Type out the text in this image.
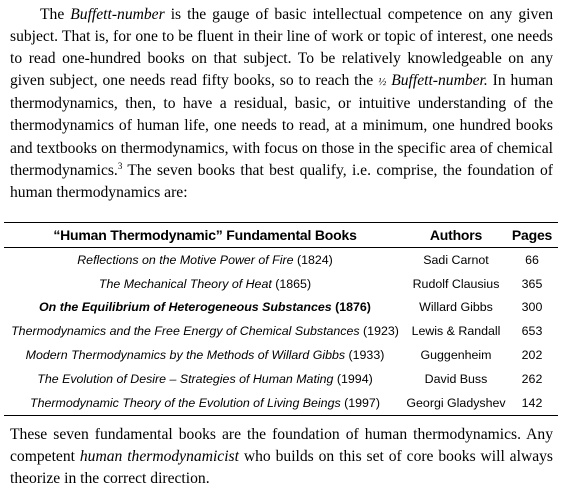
The Buffett-number is the gauge of basic intellectual competence on any given subject. That is, for one to be fluent in their line of work or topic of interest, one needs to read one-hundred books on that subject. To be relatively knowledgeable on any given subject, one needs read fifty books, so to reach the ½ Buffett-number. In human thermodynamics, then, to have a residual, basic, or intuitive understanding of the thermodynamics of human life, one needs to read, at a minimum, one hundred books and textbooks on thermodynamics, with focus on those in the specific area of chemical thermodynamics.$^3$ The seven books that best qualify, i.e. comprise, the foundation of human thermodynamics are:

“Human Thermodynamic” Fundamental Books	Authors	Pages
Reflections on the Motive Power of Fire (1824)	Sadi Carnot	66
The Mechanical Theory of Heat (1865)	Rudolf Clausius	365
On the Equilibrium of Heterogeneous Substances (1876)	Willard Gibbs	300
Thermodynamics and the Free Energy of Chemical Substances (1923)	Lewis & Randall	653
Modern Thermodynamics by the Methods of Willard Gibbs (1933)	Guggenheim	202
The Evolution of Desire – Strategies of Human Mating (1994)	David Buss	262
Thermodynamic Theory of the Evolution of Living Beings (1997)	Georgi Gladyshev	142

These seven fundamental books are the foundation of human thermodynamics. Any competent human thermodynamicist who builds on this set of core books will always theorize in the correct direction.
